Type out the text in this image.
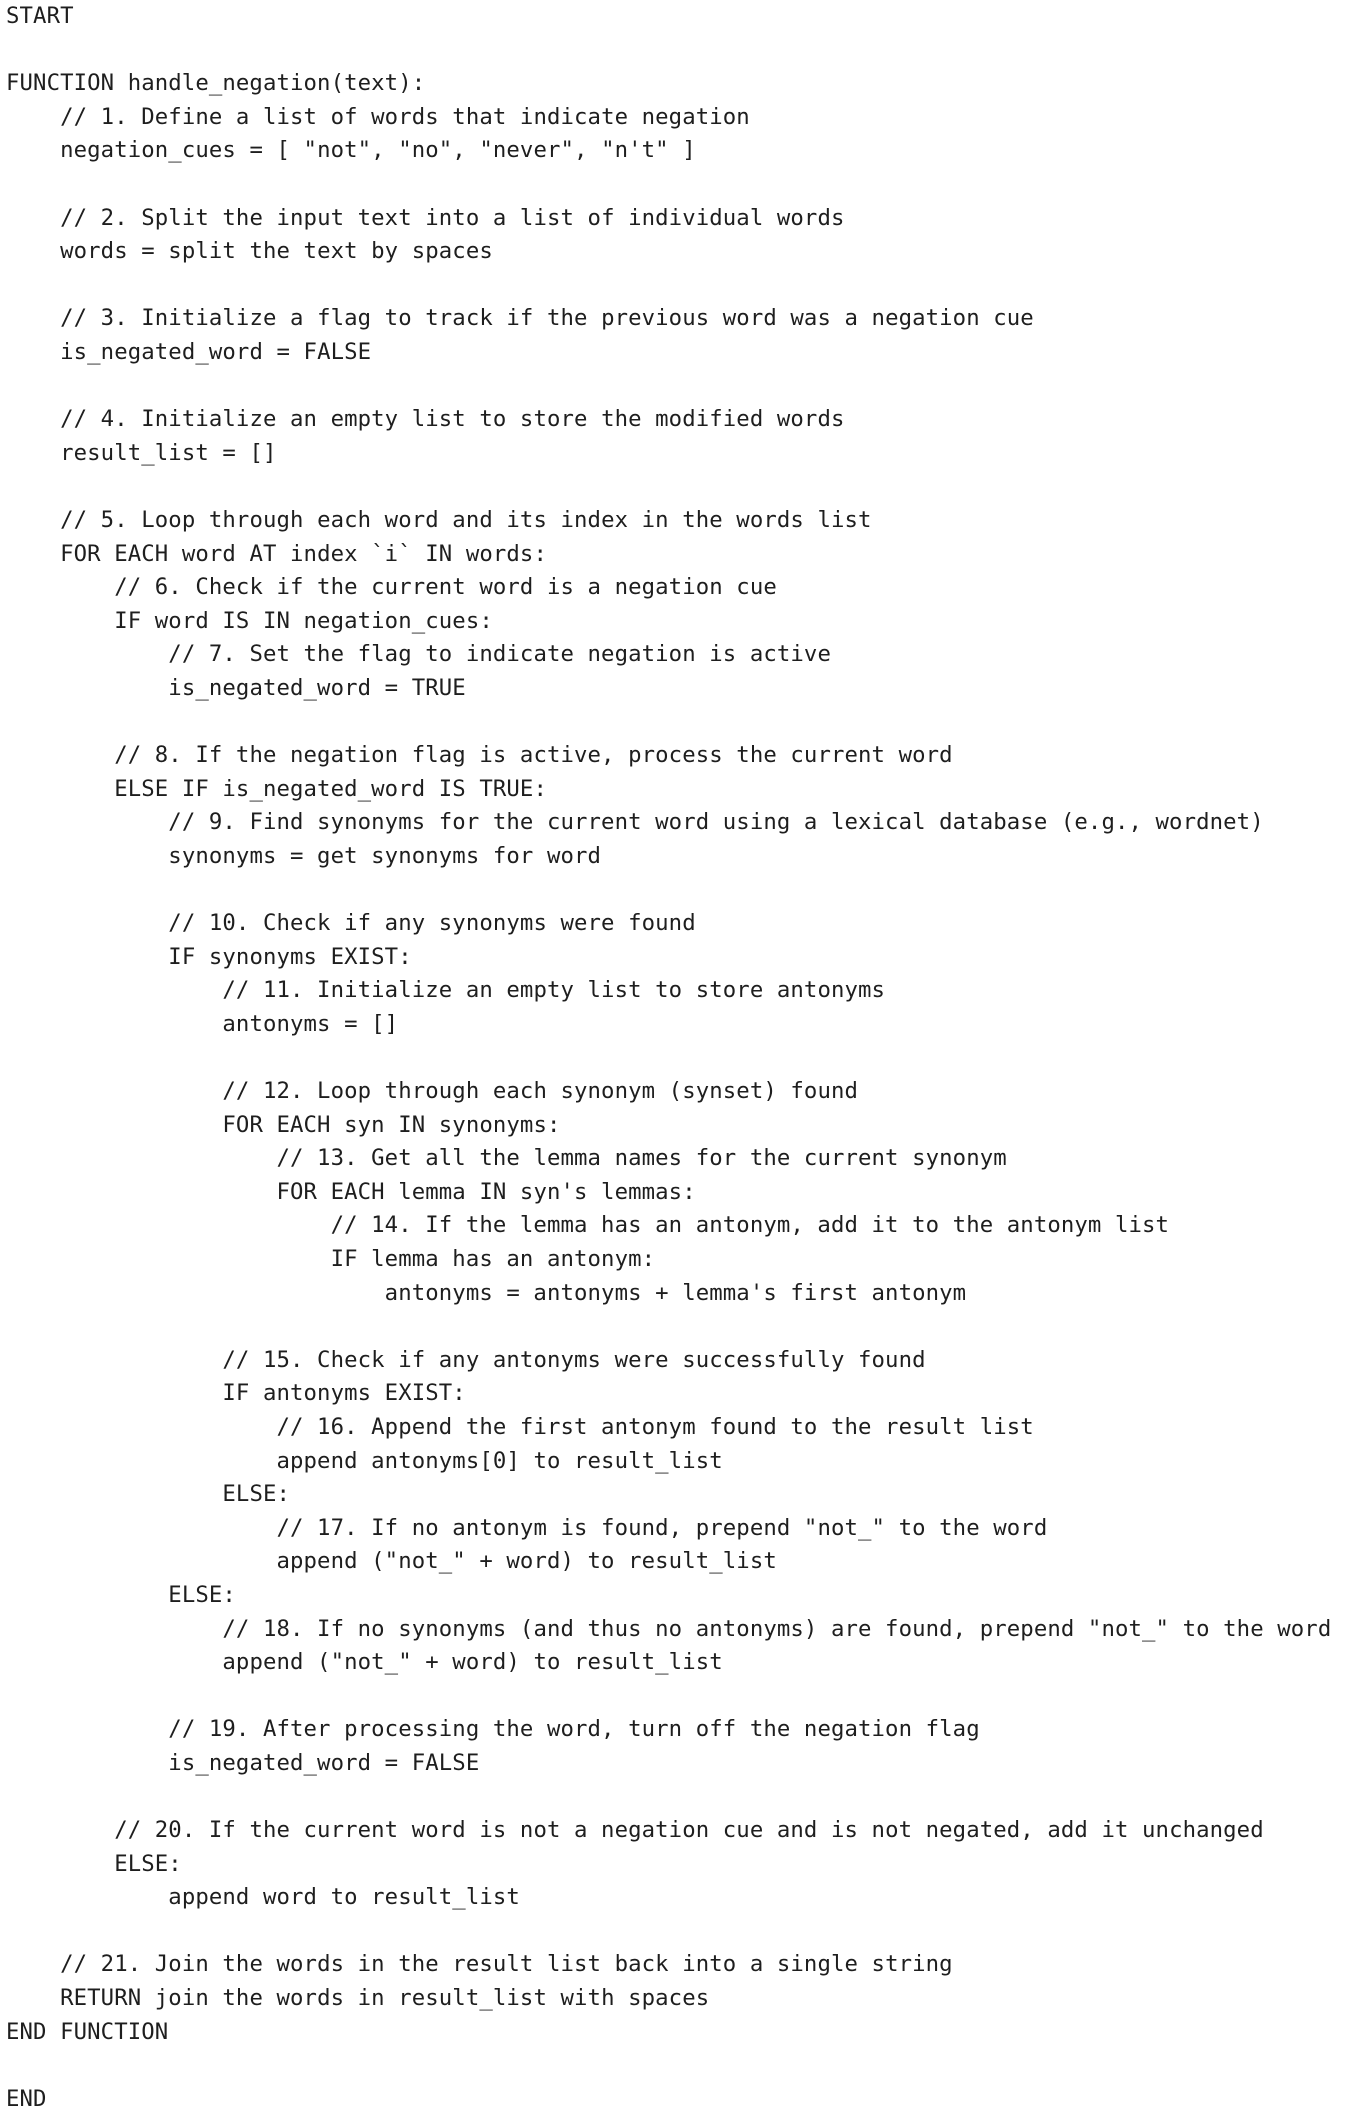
START
FUNCTION handle_negation(text):
// 1. Define a list of words that indicate negation
negation_cues = [ "not", "no", "never", "n't" ]
// 2. Split the input text into a list of individual words
words = split the text by spaces
// 3. Initialize a flag to track if the previous word was a negation cue
is_negated_word = FALSE
// 4. Initialize an empty list to store the modified words
result_list = []
// 5. Loop through each word and its index in the words list
FOR EACH word AT index `i` IN words:
// 6. Check if the current word is a negation cue
IF word IS IN negation_cues:
// 7. Set the flag to indicate negation is active
is_negated_word = TRUE
// 8. If the negation flag is active, process the current word
ELSE IF is_negated_word IS TRUE:
// 9. Find synonyms for the current word using a lexical database (e.g., wordnet)
synonyms = get synonyms for word
// 10. Check if any synonyms were found
IF synonyms EXIST:
// 11. Initialize an empty list to store antonyms
antonyms = []
// 12. Loop through each synonym (synset) found
FOR EACH syn IN synonyms:
// 13. Get all the lemma names for the current synonym
FOR EACH lemma IN syn's lemmas:
// 14. If the lemma has an antonym, add it to the antonym list
IF lemma has an antonym:
antonyms = antonyms + lemma's first antonym
// 15. Check if any antonyms were successfully found
IF antonyms EXIST:
// 16. Append the first antonym found to the result list
append antonyms[0] to result_list
ELSE:
// 17. If no antonym is found, prepend "not_" to the word
append ("not_" + word) to result_list
ELSE:
// 18. If no synonyms (and thus no antonyms) are found, prepend "not_" to the word
append ("not_" + word) to result_list
// 19. After processing the word, turn off the negation flag
is_negated_word = FALSE
// 20. If the current word is not a negation cue and is not negated, add it unchanged
ELSE:
append word to result_list
// 21. Join the words in the result list back into a single string
RETURN join the words in result_list with spaces
END FUNCTION
END
